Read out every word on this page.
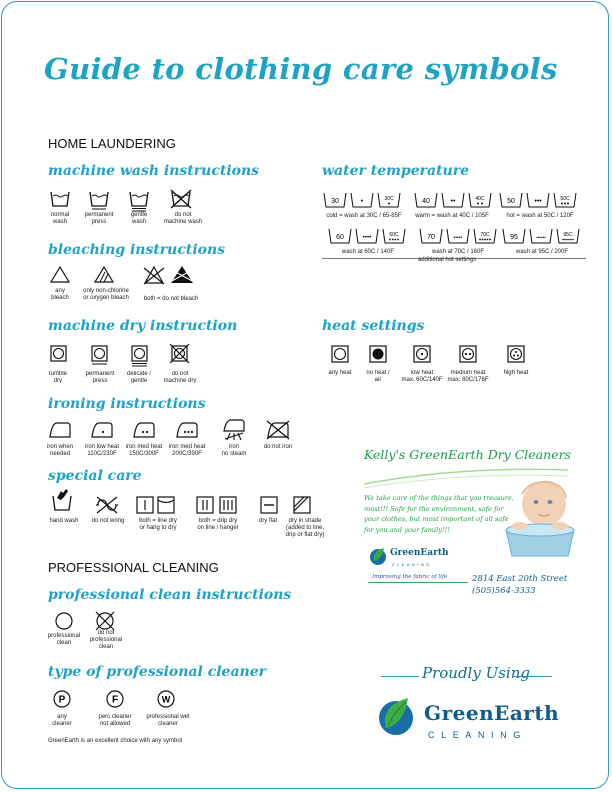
Guide to clothing care symbols
HOME LAUNDERING
machine wash instructions
normal
wash
permanent
press
gentle
wash
do not
machine wash
water temperature
30	•	30C	40	••	40C	50	•••	50C
cold = wash at 30C / 65-85F	warm = wash at 40C / 105F	hot = wash at 50C / 120F
60	••••	60C	70	•••••	70C	95	••••••	95C
wash at 60C / 140F	wash at 70C / 160F	wash at 95C / 200F
additional hot settings
bleaching instructions
any
bleach
only non-chlorine
or oxygen bleach	both = do not bleach
machine dry instruction
tumble
dry
permanent
press
delicate /
gentle
do not
machine dry
heat settings
any heat	no heat /
air
low heat
max. 60C/140F
medium heat
max. 80C/176F
high heat
ironing instructions
iron when
needed
iron low heat
110C/230F
iron med heat
150C/300F
iron med heat
200C/390F
iron
no steam
do not iron
special care
hand wash	do not wring	both = line dry
or hang to dry
both = drip dry
on line / hanger
dry flat	dry in shade
(added to line,
drip or flat dry)
PROFESSIONAL CLEANING
professional clean instructions
professional
clean
do not
professional
clean
type of professional cleaner
P	F	W
any
cleaner
perc cleaner
not allowed
professional wet
cleaner
GreenEarth is an excellent choice with any symbol
Kelly's GreenEarth Dry Cleaners
We take care of the things that you treasure, most!!! Safe for the environment, safe for your clothes, but most important of all safe for you and your family!!!
GreenEarth
CLEANING
Improving the fabric of life	2814 East 20th Street
(505)564-3333
Proudly Using
GreenEarth
CLEANING
